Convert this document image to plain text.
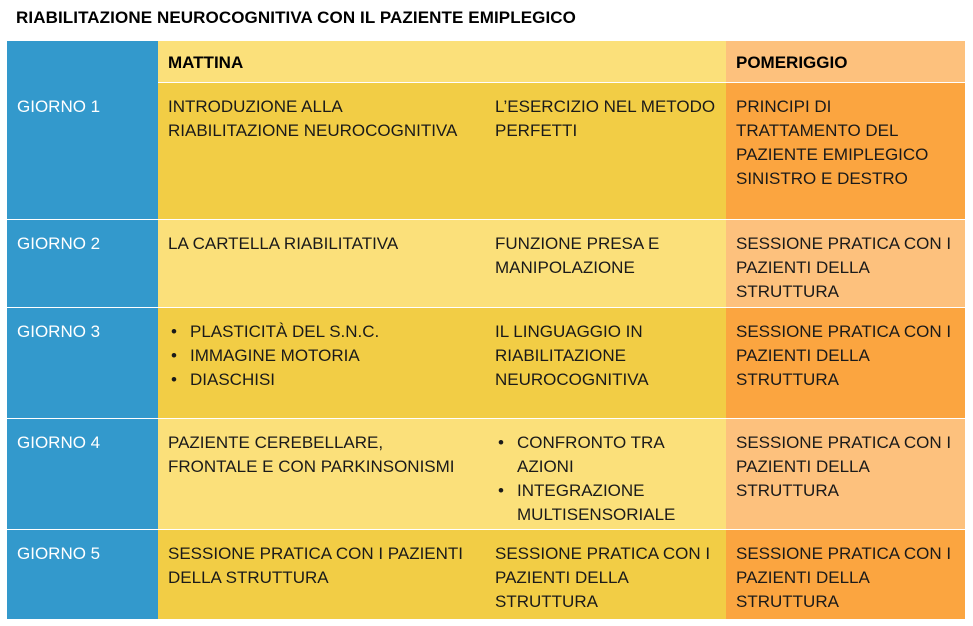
RIABILITAZIONE NEUROCOGNITIVA CON IL PAZIENTE EMIPLEGICO
MATTINA	POMERIGGIO
GIORNO 1	INTRODUZIONE ALLA RIABILITAZIONE NEUROCOGNITIVA
L’ESERCIZIO NEL METODO PERFETTI
PRINCIPI DI TRATTAMENTO DEL PAZIENTE EMIPLEGICO SINISTRO E DESTRO
GIORNO 2	LA CARTELLA RIABILITATIVA	FUNZIONE PRESA E MANIPOLAZIONE
SESSIONE PRATICA CON I PAZIENTI DELLA STRUTTURA
GIORNO 3
•	PLASTICITÀ DEL S.N.C.
• IMMAGINE MOTORIA
• DIASCHISI
IL LINGUAGGIO IN RIABILITAZIONE NEUROCOGNITIVA
SESSIONE PRATICA CON I PAZIENTI DELLA STRUTTURA
GIORNO 4	PAZIENTE CEREBELLARE, FRONTALE E CON PARKINSONISMI
• CONFRONTO TRA AZIONI
• INTEGRAZIONE MULTISENSORIALE
SESSIONE PRATICA CON I PAZIENTI DELLA STRUTTURA
GIORNO 5	SESSIONE PRATICA CON I PAZIENTI DELLA STRUTTURA
SESSIONE PRATICA CON I PAZIENTI DELLA STRUTTURA
SESSIONE PRATICA CON I PAZIENTI DELLA STRUTTURA
